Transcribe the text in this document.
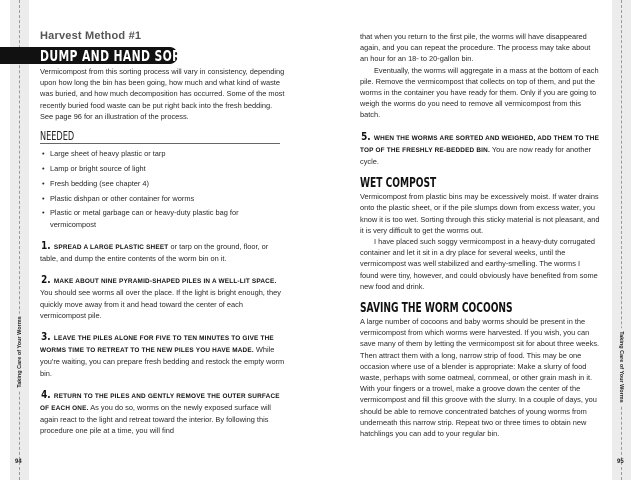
Taking Care of Your Worms
94
Taking Care of Your Worms
95
Harvest Method #1
DUMP AND HAND SORT

Vermicompost from this sorting process will vary in consistency, depending upon how long the bin has been going, how much and what kind of waste was buried, and how much decomposition has occurred. Some of the most recently buried food waste can be put right back into the fresh bedding. See page 96 for an illustration of the process.

NEEDED
• Large sheet of heavy plastic or tarp
• Lamp or bright source of light
• Fresh bedding (see chapter 4)
• Plastic dishpan or other container for worms
• Plastic or metal garbage can or heavy-duty plastic bag for vermicompost

1. SPREAD A LARGE PLASTIC SHEET or tarp on the ground, floor, or table, and dump the entire contents of the worm bin on it.

2. MAKE ABOUT NINE PYRAMID-SHAPED PILES IN A WELL-LIT SPACE. You should see worms all over the place. If the light is bright enough, they quickly move away from it and head toward the center of each vermicompost pile.

3. LEAVE THE PILES ALONE FOR FIVE TO TEN MINUTES TO GIVE THE WORMS TIME TO RETREAT TO THE NEW PILES YOU HAVE MADE. While you're waiting, you can prepare fresh bedding and restock the empty worm bin.

4. RETURN TO THE PILES AND GENTLY REMOVE THE OUTER SURFACE OF EACH ONE. As you do so, worms on the newly exposed surface will again react to the light and retreat toward the interior. By following this procedure one pile at a time, you will find

that when you return to the first pile, the worms will have disappeared again, and you can repeat the procedure. The process may take about an hour for an 18- to 20-gallon bin.

Eventually, the worms will aggregate in a mass at the bottom of each pile. Remove the vermicompost that collects on top of them, and put the worms in the container you have ready for them. Only if you are going to weigh the worms do you need to remove all vermicompost from this batch.

5. WHEN THE WORMS ARE SORTED AND WEIGHED, ADD THEM TO THE TOP OF THE FRESHLY RE-BEDDED BIN. You are now ready for another cycle.

WET COMPOST

Vermicompost from plastic bins may be excessively moist. If water drains onto the plastic sheet, or if the pile slumps down from excess water, you know it is too wet. Sorting through this sticky material is not pleasant, and it is very difficult to get the worms out.

I have placed such soggy vermicompost in a heavy-duty corrugated container and let it sit in a dry place for several weeks, until the vermicompost was well stabilized and earthy-smelling. The worms I found were tiny, however, and could obviously have benefited from some new food and drink.

SAVING THE WORM COCOONS

A large number of cocoons and baby worms should be present in the vermicompost from which worms were harvested. If you wish, you can save many of them by letting the vermicompost sit for about three weeks. Then attract them with a long, narrow strip of food. This may be one occasion where use of a blender is appropriate: Make a slurry of food waste, perhaps with some oatmeal, cornmeal, or other grain mash in it. With your fingers or a trowel, make a groove down the center of the vermicompost and fill this groove with the slurry. In a couple of days, you should be able to remove concentrated batches of young worms from underneath this narrow strip. Repeat two or three times to obtain new hatchlings you can add to your regular bin.
